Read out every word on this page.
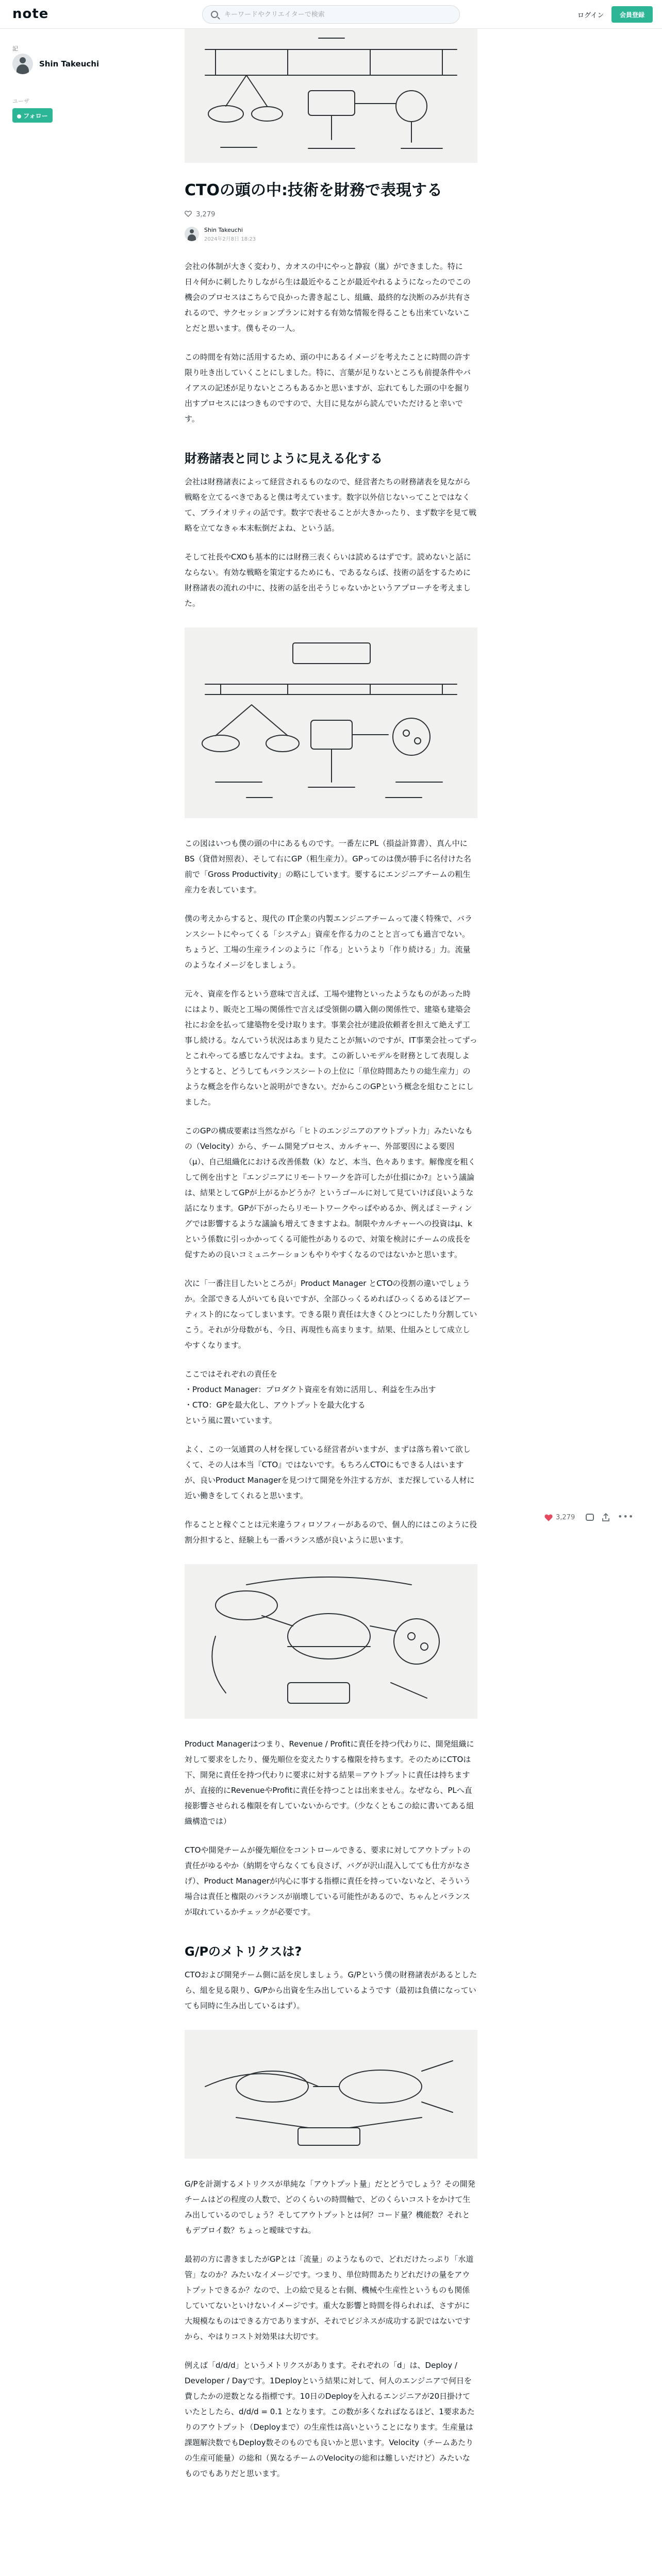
note
キーワードやクリエイターで検索	ログイン	会員登録
記
Shin Takeuchi
ユーザ
フォロー
CTOの頭の中:技術を財務で表現する
3,279
Shin Takeuchi
2024年2月8日 18:23

会社の体制が大きく変わり、カオスの中にやっと静寂（嵐）ができました。特に日々何かに刺したりしながら生は最近やることが最近やれるようになったのでこの機会のプロセスはこちらで良かった書き起こし、組織、最終的な決断のみが共有されるので、サクセッションプランに対する有効な情報を得ることも出来ていないことだと思います。僕もその一人。

この時間を有効に活用するため、頭の中にあるイメージを考えたことに時間の許す限り吐き出していくことにしました。特に、言葉が足りないところも前提条件やバイアスの記述が足りないところもあるかと思いますが、忘れてもした頭の中を掘り出すプロセスにはつきものですので、大目に見ながら読んでいただけると幸いです。

財務諸表と同じように見える化する

会社は財務諸表によって経営されるものなので、経営者たちの財務諸表を見ながら戦略を立てるべきであると僕は考えています。数字以外信じないってことではなくて、ブライオリティの話です。数字で表せることが大きかったり、まず数字を見て戦略を立てなきゃ本末転倒だよね、という話。

そして社長やCXOも基本的には財務三表くらいは読めるはずです。読めないと話にならない。有効な戦略を策定するためにも、であるならば、技術の話をするために財務諸表の流れの中に、技術の話を出そうじゃないかというアプローチを考えました。

この図はいつも僕の頭の中にあるものです。一番左にPL（損益計算書）、真ん中にBS（貸借対照表）、そして右にGP（粗生産力）。GPってのは僕が勝手に名付けた名前で「Gross Productivity」の略にしています。要するにエンジニアチームの粗生産力を表しています。

僕の考えからすると、現代の IT企業の内製エンジニアチームって凄く特殊で、バランスシートにやってくる「システム」資産を作る力のことと言っても過言でない。ちょうど、工場の生産ラインのように「作る」というより「作り続ける」力。流量のようなイメージをしましょう。

元々、資産を作るという意味で言えば、工場や建物といったようなものがあった時にはより、販売と工場の関係性で言えば受領側の購入側の関係性で、建築も建築会社にお金を払って建築物を受け取ります。事業会社が建設依頼者を担えて絶えず工事し続ける。なんていう状況はあまり見たことが無いのですが、IT事業会社ってずっとこれやってる感じなんですよね。ます。この新しいモデルを財務として表現しようとすると、どうしてもバランスシートの上位に「単位時間あたりの総生産力」のような概念を作らないと説明ができない。だからこのGPという概念を組むことにしました。

このGPの構成要素は当然ながら「ヒトのエンジニアのアウトプット力」みたいなもの（Velocity）から、チーム開発プロセス、カルチャー、外部要因による要因（μ）、自己組織化における改善係数（k）など、本当、色々あります。解像度を粗くして例を出すと『エンジニアにリモートワークを許可したが仕損にか?』という議論は、結果としてGPが上がるかどうか？というゴールに対して見ていけば良いような話になります。GPが下がったらリモートワークやっぱやめるか、例えばミーティングでは影響するような議論も増えてきますよね。制限やカルチャーへの投資はμ、kという係数に引っかかってくる可能性がありるので、対策を検討にチームの成長を促すための良いコミュニケーションもやりやすくなるのではないかと思います。

次に「一番注目したいところが」Product Manager とCTOの役割の違いでしょうか。全部できる人がいても良いですが、全部ひっくるめればひっくるめるほどアーティスト的になってしまいます。できる限り責任は大きくひとつにしたり分割していこう。それが分母数がも、今日、再現性も高まります。結果、仕組みとして成立しやすくなります。

ここではそれぞれの責任を
・Product Manager：プロダクト資産を有効に活用し、利益を生み出す
・CTO：GPを最大化し、アウトプットを最大化する
という風に置いています。

よく、この一気通貫の人材を探している経営者がいますが、まずは落ち着いて欲しくて、その人は本当『CTO』ではないです。もちろんCTOにもできる人はいますが、良いProduct Managerを見つけて開発を外注する方が、まだ探している人材に近い働きをしてくれると思います。

作ることと稼ぐことは元来違うフィロソフィーがあるので、個人的にはこのように役割分担すると、経験上も一番バランス感が良いように思います。

Product Managerはつまり、Revenue / Profitに責任を持つ代わりに、開発組織に対して要求をしたり、優先順位を変えたりする権限を持ちます。そのためにCTOは下、開発に責任を持つ代わりに要求に対する結果＝アウトプットに責任は持ちますが、直接的にRevenueやProfitに責任を持つことは出来ません。なぜなら、PLへ直接影響させられる権限を有していないからです。（少なくともこの絵に書いてある組織構造では）

CTOや開発チームが優先順位をコントロールできる、要求に対してアウトプットの責任がゆるやか（納期を守らなくても良さげ、バグが沢山混入してても仕方がなさげ）、Product Managerが内心に事する指標に責任を持っていないなど、そういう場合は責任と権限のバランスが崩壊している可能性があるので、ちゃんとバランスが取れているかチェックが必要です。

G/Pのメトリクスは?

CTOおよび開発チーム側に話を戻しましょう。G/Pという僕の財務諸表があるとしたら、組を見る限り、G/Pから出資を生み出しているようです（最初は負債になっていても同時に生み出しているはず）。

G/Pを計測するメトリクスが単純な「アウトプット量」だとどうでしょう？その開発チームはどの程度の人数で、どのくらいの時間軸で、どのくらいコストをかけて生み出しているのでしょう？そしてアウトプットとは何？コード量？機能数？それともデプロイ数？ちょっと曖昧ですね。

最初の方に書きましたがGPとは「流量」のようなもので、どれだけたっぷり「水道管」なのか？みたいなイメージです。つまり、単位時間あたりどれだけの量をアウトプットできるか？なので、上の絵で見ると右側、機械や生産性というものも関係していてないといけないイメージです。重大な影響と時間を得られれば、さすがに大規模なものはできる方でありますが、それでビジネスが成功する訳ではないですから、やはりコスト対効果は大切です。

例えば「d/d/d」というメトリクスがあります。それぞれの「d」は、Deploy / Developer / Dayです。1Deployという結果に対して、何人のエンジニアで何日を費したかの逆数となる指標です。10日のDeployを入れるエンジニアが20日掛けていたとしたら、d/d/d = 0.1 となります。この数が多くなればなるほど、1要求あたりのアウトプット（Deployまで）の生産性は高いということになります。生産量は課題解決数でもDeploy数そのものでも良いかと思います。Velocity（チームあたりの生産可能量）の総和（異なるチームのVelocityの総和は難しいだけど）みたいなものでもありだと思います。

3,279	•••
